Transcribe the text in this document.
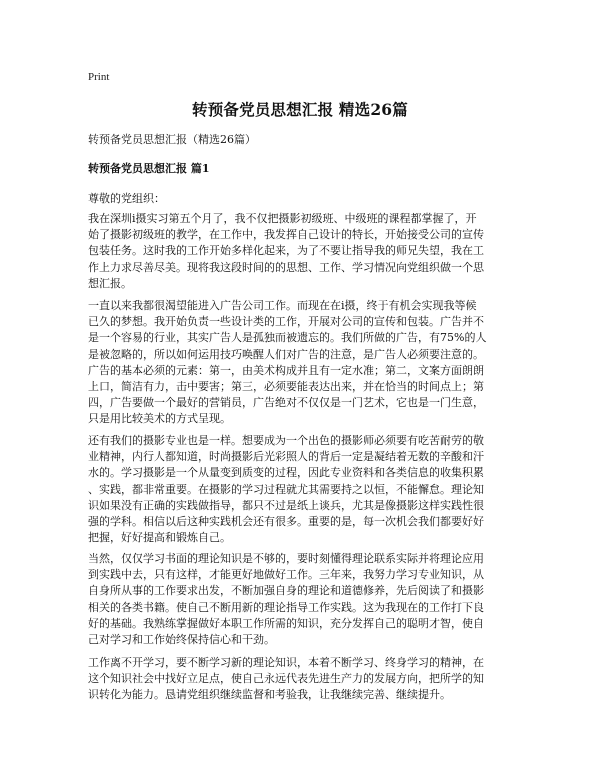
Print
转预备党员思想汇报 精选26篇
转预备党员思想汇报（精选26篇）
转预备党员思想汇报 篇1
尊敬的党组织：

我在深圳i摄实习第五个月了，我不仅把摄影初级班、中级班的课程都掌握了，开
始了摄影初级班的教学，在工作中，我发挥自己设计的特长，开始接受公司的宣传
包装任务。这时我的工作开始多样化起来，为了不要让指导我的师兄失望，我在工
作上力求尽善尽美。现将我这段时间的的思想、工作、学习情况向党组织做一个思
想汇报。

一直以来我都很渴望能进入广告公司工作。而现在在i摄，终于有机会实现我等候
已久的梦想。我开始负责一些设计类的工作，开展对公司的宣传和包装。广告并不
是一个容易的行业，其实广告人是孤独而被遗忘的。我们所做的广告，有75%的人
是被忽略的，所以如何运用技巧唤醒人们对广告的注意，是广告人必须要注意的。
广告的基本必须的元素：第一，由美术构成并且有一定水准；第二，文案方面朗朗
上口，简洁有力，击中要害；第三，必须要能表达出来，并在恰当的时间点上；第
四，广告要做一个最好的营销员，广告绝对不仅仅是一门艺术，它也是一门生意，
只是用比较美术的方式呈现。

还有我们的摄影专业也是一样。想要成为一个出色的摄影师必须要有吃苦耐劳的敬
业精神，内行人都知道，时尚摄影后光彩照人的背后一定是凝结着无数的辛酸和汗
水的。学习摄影是一个从量变到质变的过程，因此专业资料和各类信息的收集积累
、实践，都非常重要。在摄影的学习过程就尤其需要持之以恒，不能懈怠。理论知
识如果没有正确的实践做指导，都只不过是纸上谈兵，尤其是像摄影这样实践性很
强的学科。相信以后这种实践机会还有很多。重要的是，每一次机会我们都要好好
把握，好好提高和锻炼自己。

当然，仅仅学习书面的理论知识是不够的，要时刻懂得理论联系实际并将理论应用
到实践中去，只有这样，才能更好地做好工作。三年来，我努力学习专业知识，从
自身所从事的工作要求出发，不断加强自身的理论和道德修养，先后阅读了和摄影
相关的各类书籍。使自己不断用新的理论指导工作实践。这为我现在的工作打下良
好的基础。我熟练掌握做好本职工作所需的知识，充分发挥自己的聪明才智，使自
己对学习和工作始终保持信心和干劲。

工作离不开学习，要不断学习新的理论知识，本着不断学习、终身学习的精神，在
这个知识社会中找好立足点，使自己永远代表先进生产力的发展方向，把所学的知
识转化为能力。恳请党组织继续监督和考验我，让我继续完善、继续提升。
